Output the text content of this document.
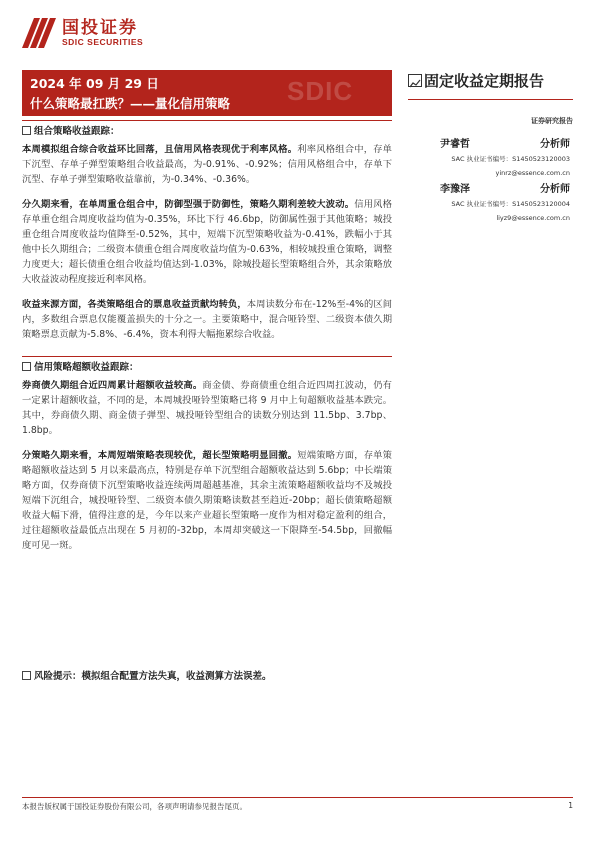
国投证券
SDIC SECURITIES
SDIC
2024 年 09 月 29 日
什么策略最扛跌？——量化信用策略
固定收益定期报告
证券研究报告
尹睿哲	分析师
SAC 执业证书编号：S1450523120003
yinrz@essence.com.cn
李豫泽	分析师
SAC 执业证书编号：S1450523120004
liyz9@essence.com.cn
组合策略收益跟踪：
本周模拟组合综合收益环比回落，且信用风格表现优于利率风格。利率风格组合中，存单下沉型、存单子弹型策略组合收益最高，为-0.91%、-0.92%；信用风格组合中，存单下沉型、存单子弹型策略收益靠前，为-0.34%、-0.36%。
分久期来看，在单周重仓组合中，防御型强于防御性，策略久期利差较大波动。信用风格存单重仓组合周度收益均值为-0.35%，环比下行 46.6bp，防御属性强于其他策略；城投重仓组合周度收益均值降至-0.52%，其中，短端下沉型策略收益为-0.41%，跌幅小于其他中长久期组合；二级资本债重仓组合周度收益均值为-0.63%，相较城投重仓策略，调整力度更大；超长债重仓组合收益均值达到-1.03%，除城投超长型策略组合外，其余策略放大收益波动程度接近利率风格。
收益来源方面，各类策略组合的票息收益贡献均转负，本周读数分布在-12%至-4%的区间内，多数组合票息仅能覆盖损失的十分之一。主要策略中，混合哑铃型、二级资本债久期策略票息贡献为-5.8%、-6.4%，资本利得大幅拖累综合收益。
信用策略超额收益跟踪：
券商债久期组合近四周累计超额收益较高。商金债、券商债重仓组合近四周扛波动，仍有一定累计超额收益，不同的是，本周城投哑铃型策略已将 9 月中上旬超额收益基本跌完。其中，券商债久期、商金债子弹型、城投哑铃型组合的读数分别达到 11.5bp、3.7bp、1.8bp。
分策略久期来看，本周短端策略表现较优，超长型策略明显回撤。短端策略方面，存单策略超额收益达到 5 月以来最高点，特别是存单下沉型组合超额收益达到 5.6bp；中长端策略方面，仅券商债下沉型策略收益连续两周超越基准，其余主流策略超额收益均不及城投短端下沉组合，城投哑铃型、二级资本债久期策略读数甚至趋近-20bp；超长债策略超额收益大幅下滑，值得注意的是，今年以来产业超长型策略一度作为相对稳定盈利的组合，过往超额收益最低点出现在 5 月初的-32bp，本周却突破这一下限降至-54.5bp，回撤幅度可见一斑。
风险提示：模拟组合配置方法失真，收益测算方法误差。
本报告版权属于国投证券股份有限公司，各项声明请参见报告尾页。	1
